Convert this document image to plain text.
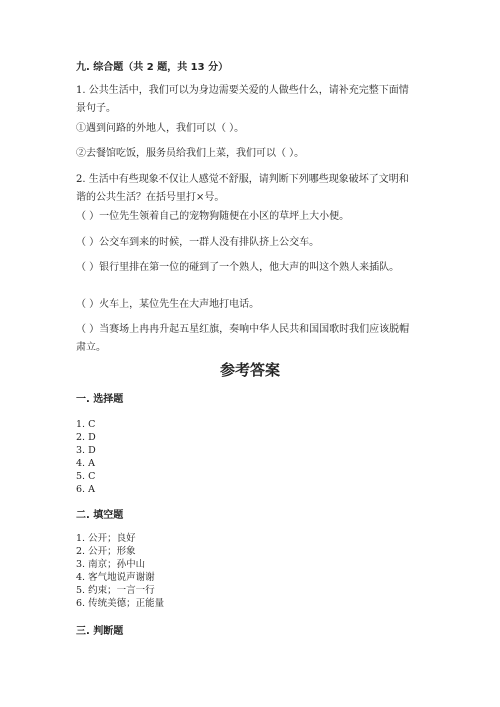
九. 综合题（共 2 题，共 13 分）
1. 公共生活中，我们可以为身边需要关爱的人做些什么，请补充完整下面情景句子。
①遇到问路的外地人，我们可以（ ）。
②去餐馆吃饭，服务员给我们上菜，我们可以（ ）。
2. 生活中有些现象不仅让人感觉不舒服，请判断下列哪些现象破坏了文明和谐的公共生活？在括号里打×号。
（ ）一位先生领着自己的宠物狗随便在小区的草坪上大小便。
（ ）公交车到来的时候，一群人没有排队挤上公交车。
（ ）银行里排在第一位的碰到了一个熟人，他大声的叫这个熟人来插队。
（ ）火车上，某位先生在大声地打电话。
（ ）当赛场上冉冉升起五星红旗，奏响中华人民共和国国歌时我们应该脱帽肃立。
参考答案
一. 选择题
1. C
2. D
3. D
4. A
5. C
6. A
二. 填空题
1. 公开；良好
2. 公开；形象
3. 南京；孙中山
4. 客气地说声谢谢
5. 约束；一言一行
6. 传统美德；正能量
三. 判断题
